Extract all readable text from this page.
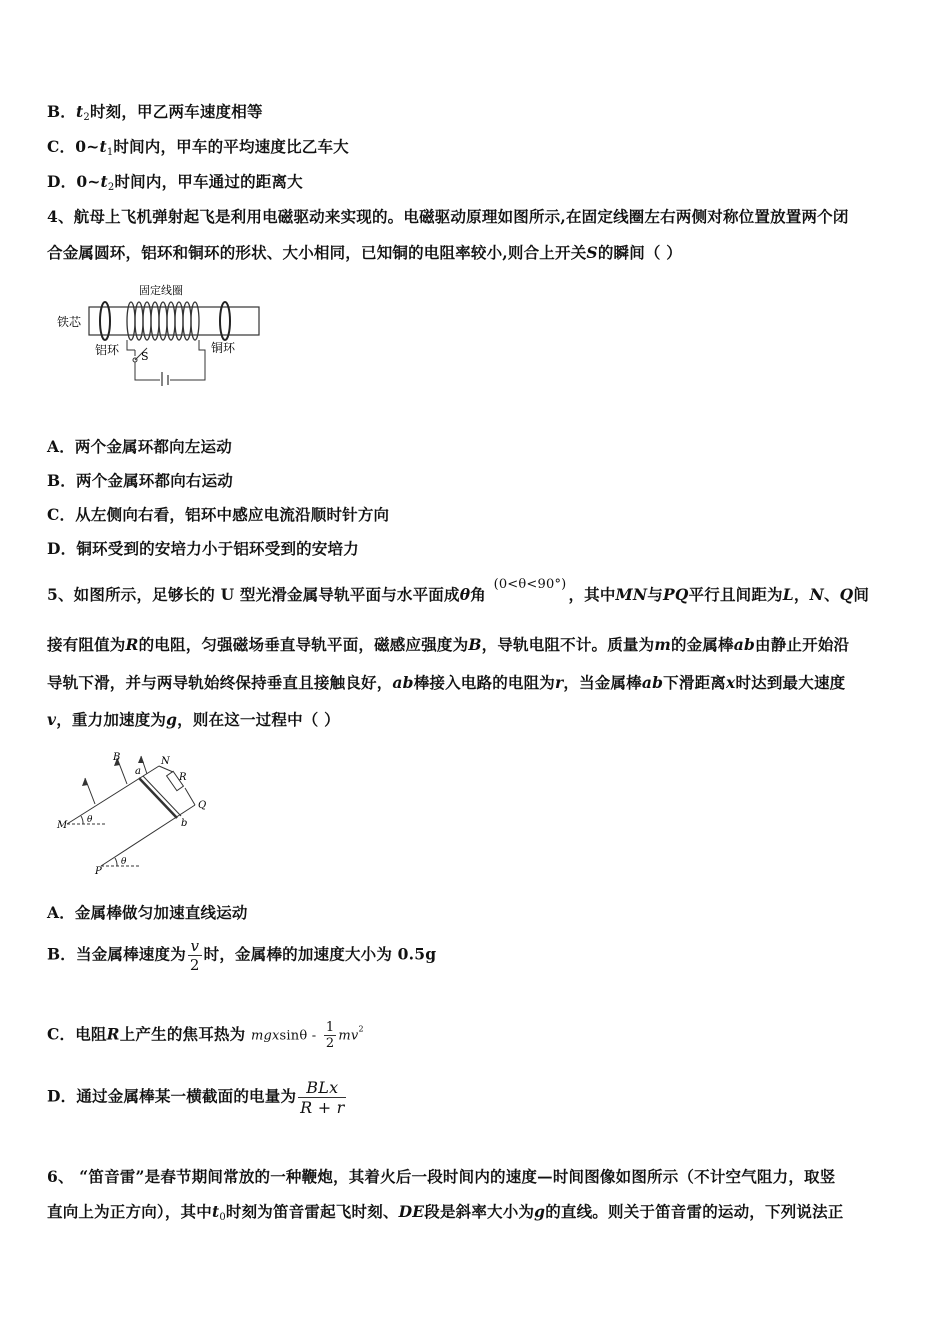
B．$t_2$时刻，甲乙两车速度相等
C．$0\sim t_1$时间内，甲车的平均速度比乙车大
D．$0\sim t_2$时间内，甲车通过的距离大
4、航母上飞机弹射起飞是利用电磁驱动来实现的。电磁驱动原理如图所示,在固定线圈左右两侧对称位置放置两个闭
合金属圆环，铝环和铜环的形状、大小相同，已知铜的电阻率较小,则合上开关S的瞬间（ ）
铁芯
固定线圈
S
铝环	铜环
A．两个金属环都向左运动
B．两个金属环都向右运动
C．从左侧向右看，铝环中感应电流沿顺时针方向
D．铜环受到的安培力小于铝环受到的安培力
5、如图所示，足够长的 U 型光滑金属导轨平面与水平面成θ角 $^{(0<\theta<90^\circ)}$，其中MN与PQ平行且间距为L，N、Q间
接有阻值为R的电阻，匀强磁场垂直导轨平面，磁感应强度为B，导轨电阻不计。质量为m的金属棒ab由静止开始沿
导轨下滑，并与两导轨始终保持垂直且接触良好，ab棒接入电路的电阻为r，当金属棒ab下滑距离x时达到最大速度
v，重力加速度为g，则在这一过程中（ ）
B	N
R
a
Q
b
M
P
θ
θ
A．金属棒做匀加速直线运动
B．当金属棒速度为 $\frac{v}{2}$ 时，金属棒的加速度大小为 0.5g
C．电阻R上产生的焦耳热为 mgxsinθ - $\frac{1}{2} mv^2$
D．通过金属棒某一横截面的电量为 $\frac{\text{BLx}}{R + r}$
6、 “笛音雷”是春节期间常放的一种鞭炮，其着火后一段时间内的速度—时间图像如图所示（不计空气阻力，取竖
直向上为正方向），其中$t_0$时刻为笛音雷起飞时刻、DE段是斜率大小为g的直线。则关于笛音雷的运动，下列说法正
